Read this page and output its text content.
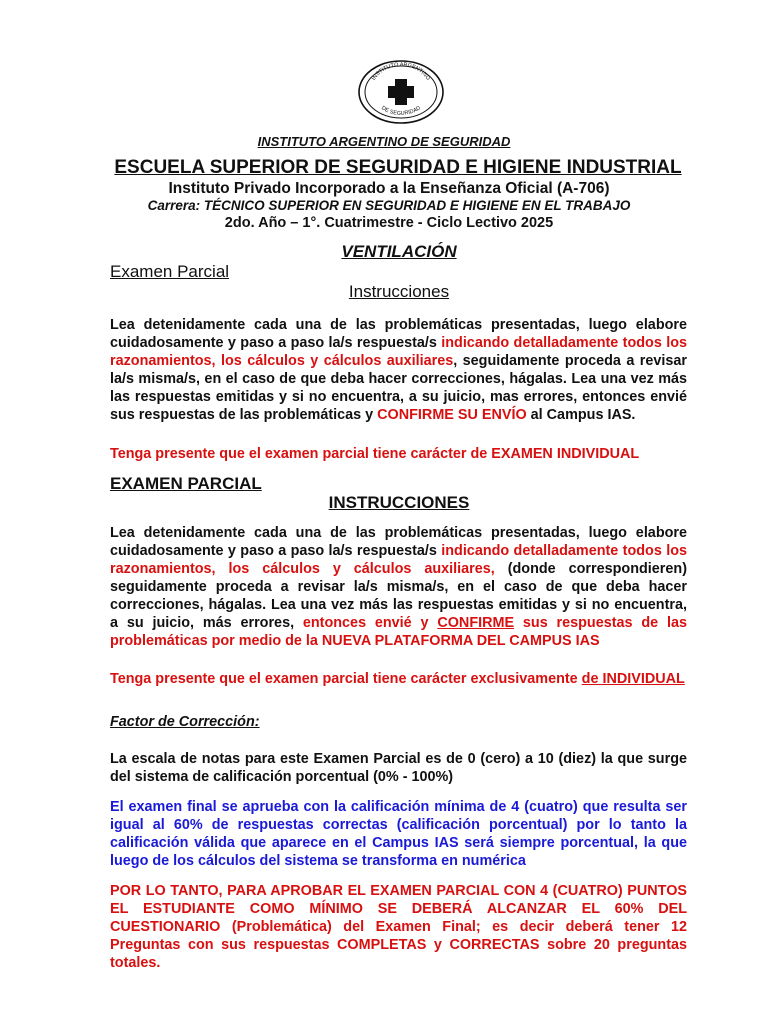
INSTITUTO ARGENTINO
DE SEGURIDAD
INSTITUTO ARGENTINO DE SEGURIDAD
ESCUELA SUPERIOR DE SEGURIDAD E HIGIENE INDUSTRIAL
Instituto Privado Incorporado a la Enseñanza Oficial (A-706)
Carrera: TÉCNICO SUPERIOR EN SEGURIDAD E HIGIENE EN EL TRABAJO
2do. Año – 1°. Cuatrimestre - Ciclo Lectivo 2025
VENTILACIÓN
Examen Parcial
Instrucciones
Lea detenidamente cada una de las problemáticas presentadas, luego elabore cuidadosamente y paso a paso la/s respuesta/s indicando detalladamente todos los razonamientos, los cálculos y cálculos auxiliares, seguidamente proceda a revisar la/s misma/s, en el caso de que deba hacer correcciones, hágalas. Lea una vez más las respuestas emitidas y si no encuentra, a su juicio, mas errores, entonces envié sus respuestas de las problemáticas y CONFIRME SU ENVÍO al Campus IAS.
Tenga presente que el examen parcial tiene carácter de EXAMEN INDIVIDUAL
EXAMEN PARCIAL
INSTRUCCIONES
Lea detenidamente cada una de las problemáticas presentadas, luego elabore cuidadosamente y paso a paso la/s respuesta/s indicando detalladamente todos los razonamientos, los cálculos y cálculos auxiliares, (donde correspondieren) seguidamente proceda a revisar la/s misma/s, en el caso de que deba hacer correcciones, hágalas. Lea una vez más las respuestas emitidas y si no encuentra, a su juicio, más errores, entonces envié y CONFIRME sus respuestas de las problemáticas por medio de la NUEVA PLATAFORMA DEL CAMPUS IAS
Tenga presente que el examen parcial tiene carácter exclusivamente de INDIVIDUAL
Factor de Corrección:
La escala de notas para este Examen Parcial es de 0 (cero) a 10 (diez) la que surge del sistema de calificación porcentual (0% - 100%)
El examen final se aprueba con la calificación mínima de 4 (cuatro) que resulta ser igual al 60% de respuestas correctas (calificación porcentual) por lo tanto la calificación válida que aparece en el Campus IAS será siempre porcentual, la que luego de los cálculos del sistema se transforma en numérica
POR LO TANTO, PARA APROBAR EL EXAMEN PARCIAL CON 4 (CUATRO) PUNTOS EL ESTUDIANTE COMO MÍNIMO SE DEBERÁ ALCANZAR EL 60% DEL CUESTIONARIO (Problemática) del Examen Final; es decir deberá tener 12 Preguntas con sus respuestas COMPLETAS y CORRECTAS sobre 20 preguntas totales.
